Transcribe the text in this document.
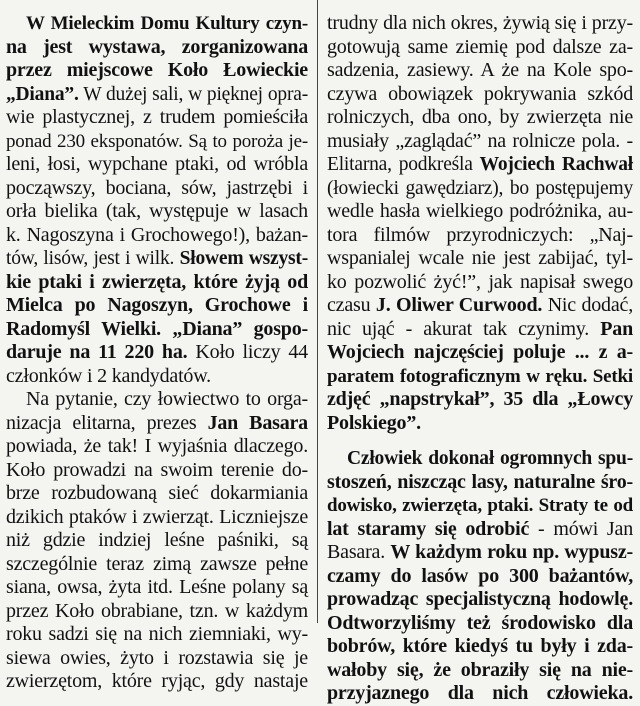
W Mieleckim Domu Kultury czyn-
na jest wystawa, zorganizowana
przez miejscowe Koło Łowieckie
„Diana”. W dużej sali, w pięknej opra-
wie plastycznej, z trudem pomieściła
ponad 230 eksponatów. Są to poroża je-
leni, łosi, wypchane ptaki, od wróbla
począwszy, bociana, sów, jastrzębi i
orła bielika (tak, występuje w lasach
k. Nagoszyna i Grochowego!), bażan-
tów, lisów, jest i wilk. Słowem wszyst-
kie ptaki i zwierzęta, które żyją od
Mielca po Nagoszyn, Grochowe i
Radomyśl Wielki. „Diana” gospo-
daruje na 11 220 ha. Koło liczy 44
członków i 2 kandydatów.
Na pytanie, czy łowiectwo to orga-
nizacja elitarna, prezes Jan Basara
powiada, że tak! I wyjaśnia dlaczego.
Koło prowadzi na swoim terenie do-
brze rozbudowaną sieć dokarmiania
dzikich ptaków i zwierząt. Liczniejsze
niż gdzie indziej leśne paśniki, są
szczególnie teraz zimą zawsze pełne
siana, owsa, żyta itd. Leśne polany są
przez Koło obrabiane, tzn. w każdym
roku sadzi się na nich ziemniaki, wy-
siewa owies, żyto i rozstawia się je
zwierzętom, które ryjąc, gdy nastaje
trudny dla nich okres, żywią się i przy-
gotowują same ziemię pod dalsze za-
sadzenia, zasiewy. A że na Kole spo-
czywa obowiązek pokrywania szkód
rolniczych, dba ono, by zwierzęta nie
musiały „zaglądać” na rolnicze pola. -
Elitarna, podkreśla Wojciech Rachwał
(łowiecki gawędziarz), bo postępujemy
wedle hasła wielkiego podróżnika, au-
tora filmów przyrodniczych: „Naj-
wspanialej wcale nie jest zabijać, tyl-
ko pozwolić żyć!”, jak napisał swego
czasu J. Oliwer Curwood. Nic dodać,
nic ująć - akurat tak czynimy. Pan
Wojciech najczęściej poluje ... z a-
paratem fotograficznym w ręku. Setki
zdjęć „napstrykał”, 35 dla „Łowcy
Polskiego”.
Człowiek dokonał ogromnych spu-
stoszeń, niszcząc lasy, naturalne śro-
dowisko, zwierzęta, ptaki. Straty te od
lat staramy się odrobić - mówi Jan
Basara. W każdym roku np. wypusz-
czamy do lasów po 300 bażantów,
prowadząc specjalistyczną hodowlę.
Odtworzyliśmy też środowisko dla
bobrów, które kiedyś tu były i zda-
wałoby się, że obraziły się na nie-
przyjaznego dla nich człowieka.
